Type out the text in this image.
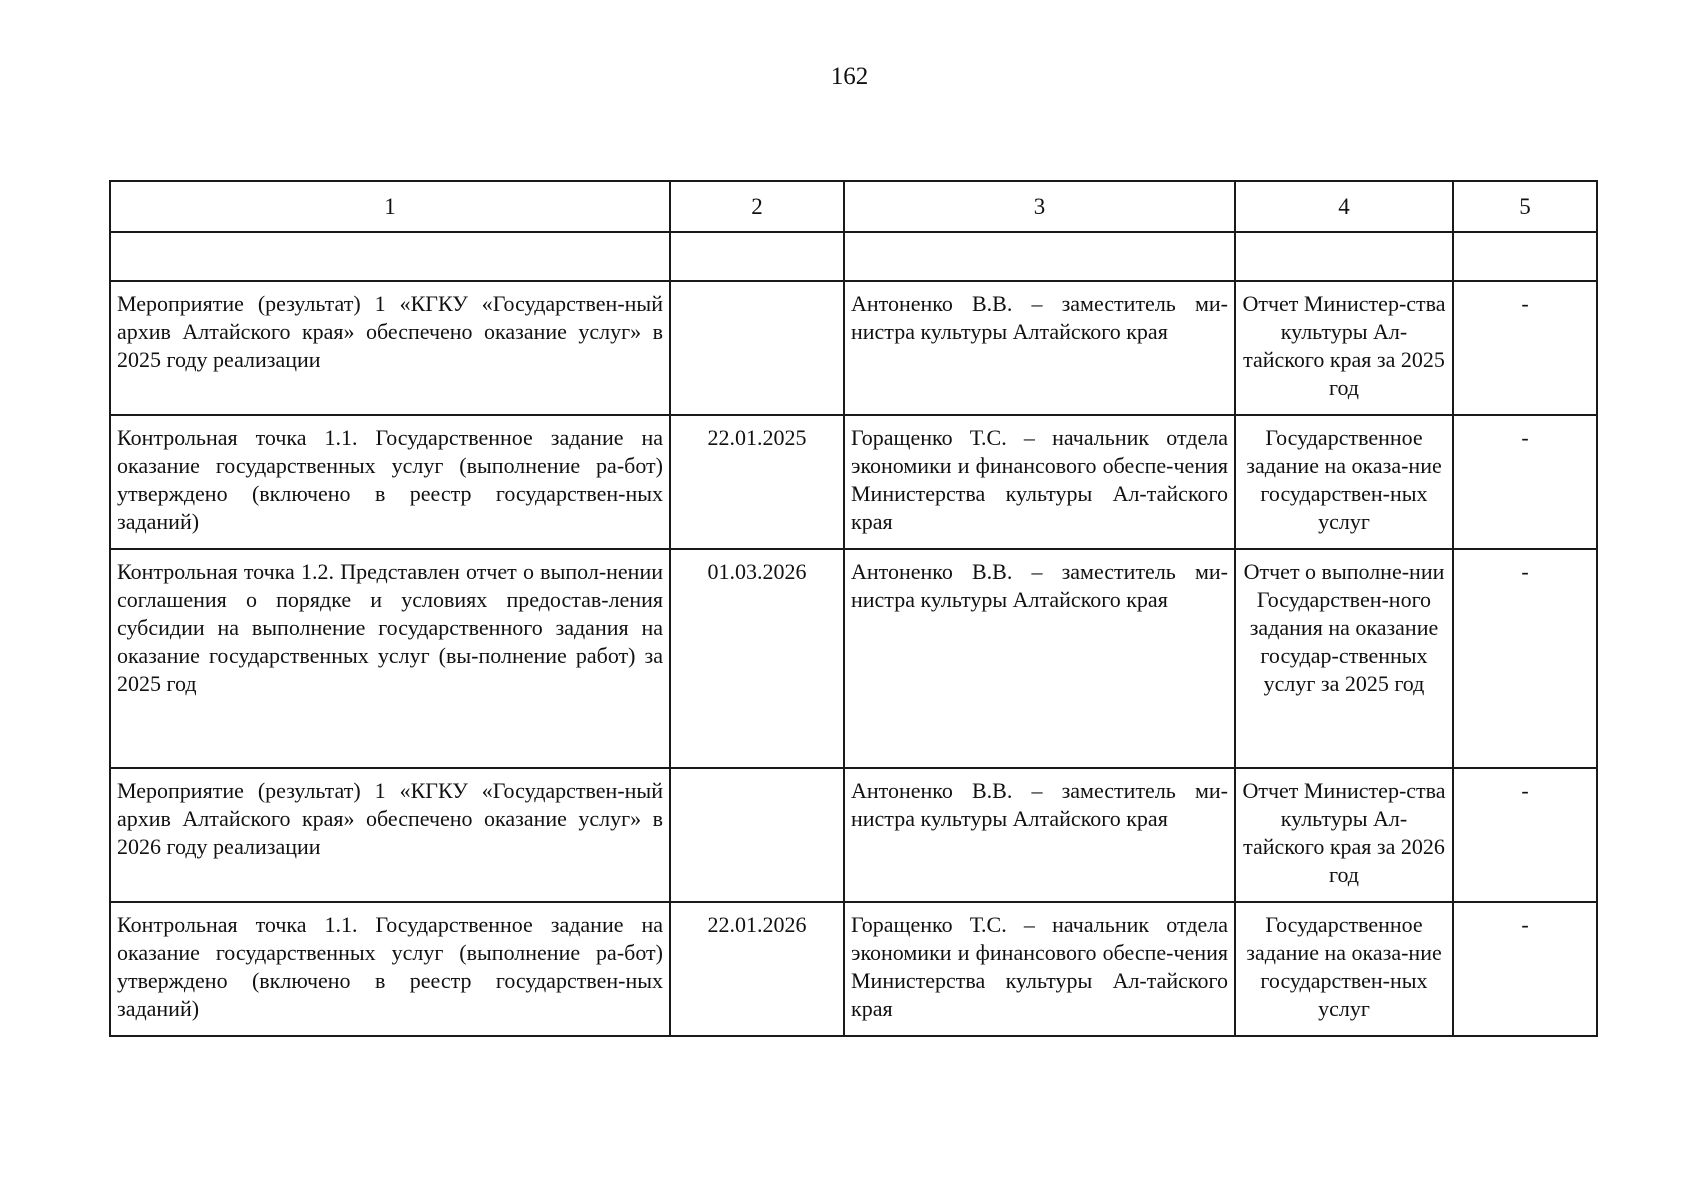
162
1	2	3	4	5

Мероприятие (результат) 1 «КГКУ «Государствен-ный архив Алтайского края» обеспечено оказание услуг» в 2025 году реализации		Антоненко В.В. – заместитель ми-нистра культуры Алтайского края	Отчет Министер-ства культуры Ал-тайского края за 2025 год	-
Контрольная точка 1.1. Государственное задание на оказание государственных услуг (выполнение ра-бот) утверждено (включено в реестр государствен-ных заданий)	22.01.2025	Горащенко Т.С. – начальник отдела экономики и финансового обеспе-чения Министерства культуры Ал-тайского края	Государственное задание на оказа-ние государствен-ных услуг	-
Контрольная точка 1.2. Представлен отчет о выпол-нении соглашения о порядке и условиях предостав-ления субсидии на выполнение государственного задания на оказание государственных услуг (вы-полнение работ) за 2025 год	01.03.2026	Антоненко В.В. – заместитель ми-нистра культуры Алтайского края	Отчет о выполне-нии Государствен-ного задания на оказание государ-ственных услуг за 2025 год	-
Мероприятие (результат) 1 «КГКУ «Государствен-ный архив Алтайского края» обеспечено оказание услуг» в 2026 году реализации		Антоненко В.В. – заместитель ми-нистра культуры Алтайского края	Отчет Министер-ства культуры Ал-тайского края за 2026 год	-
Контрольная точка 1.1. Государственное задание на оказание государственных услуг (выполнение ра-бот) утверждено (включено в реестр государствен-ных заданий)	22.01.2026	Горащенко Т.С. – начальник отдела экономики и финансового обеспе-чения Министерства культуры Ал-тайского края	Государственное задание на оказа-ние государствен-ных услуг	-
